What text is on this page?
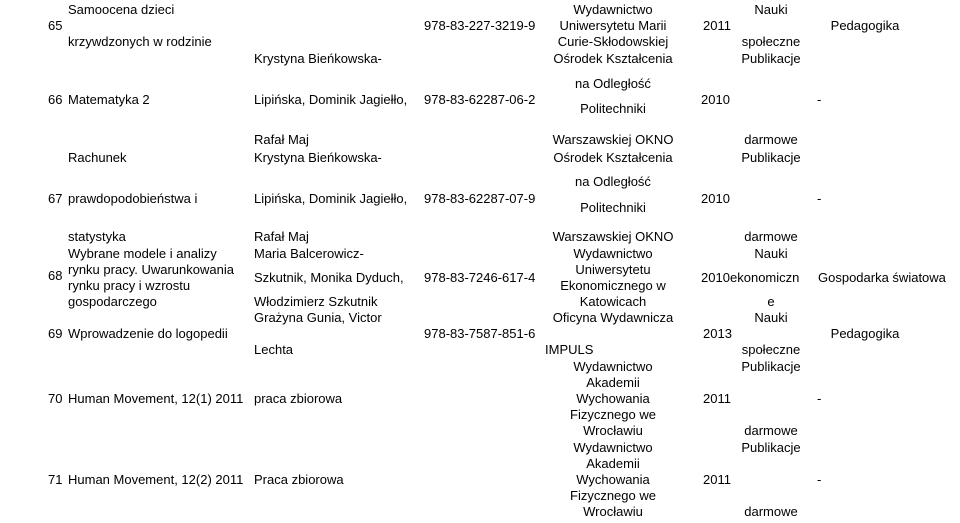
65
Samoocena dzieci
krzywdzonych w rodzinie
978-83-227-3219-9
Wydawnictwo
Uniwersytetu Marii
Curie-Skłodowskiej
2011
Nauki
społeczne
Pedagogika
66 Matematyka 2
Krystyna Bieńkowska-
Lipińska, Dominik Jagiełło,
Rafał Maj
978-83-62287-06-2
Ośrodek Kształcenia
na Odległość
Politechniki
Warszawskiej OKNO
2010
Publikacje
darmowe
-
67
Rachunek
prawdopodobieństwa i
statystyka
Krystyna Bieńkowska-
Lipińska, Dominik Jagiełło,
Rafał Maj
978-83-62287-07-9
Ośrodek Kształcenia
na Odległość
Politechniki
Warszawskiej OKNO
2010
Publikacje
darmowe
-
68
Wybrane modele i analizy
rynku pracy. Uwarunkowania
rynku pracy i wzrostu
gospodarczego
Maria Balcerowicz-
Szkutnik, Monika Dyduch,
Włodzimierz Szkutnik
978-83-7246-617-4
Wydawnictwo
Uniwersytetu
Ekonomicznego w
Katowicach
2010
Nauki
ekonomiczn
e
Gospodarka światowa
69 Wprowadzenie do logopedii
Grażyna Gunia, Victor
Lechta
978-83-7587-851-6
Oficyna Wydawnicza
IMPULS
2013
Nauki
społeczne
Pedagogika
70 Human Movement, 12(1) 2011 praca zbiorowa
Wydawnictwo
Akademii
Wychowania
Fizycznego we
Wrocławiu
2011
Publikacje
darmowe
-
71 Human Movement, 12(2) 2011 Praca zbiorowa
Wydawnictwo
Akademii
Wychowania
Fizycznego we
Wrocławiu
2011
Publikacje
darmowe
-
